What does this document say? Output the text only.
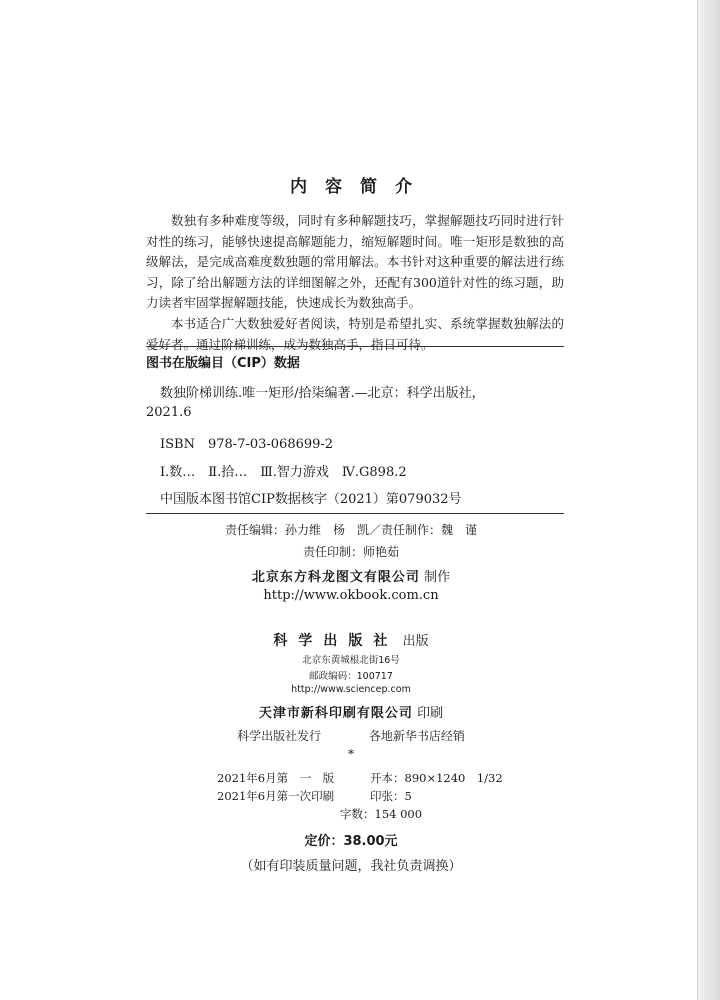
内容简介

数独有多种难度等级，同时有多种解题技巧，掌握解题技巧同时进行针对性的练习，能够快速提高解题能力，缩短解题时间。唯一矩形是数独的高级解法，是完成高难度数独题的常用解法。本书针对这种重要的解法进行练习，除了给出解题方法的详细图解之外，还配有300道针对性的练习题，助力读者牢固掌握解题技能，快速成长为数独高手。

本书适合广大数独爱好者阅读，特别是希望扎实、系统掌握数独解法的爱好者。通过阶梯训练，成为数独高手，指日可待。

图书在版编目（CIP）数据
数独阶梯训练.唯一矩形/拾柒编著.—北京：科学出版社，
2021.6
ISBN　978-7-03-068699-2
Ⅰ.数…　Ⅱ.拾…　Ⅲ.智力游戏　Ⅳ.G898.2
中国版本图书馆CIP数据核字（2021）第079032号
责任编辑：孙力维　杨　凯／责任制作：魏　谨
责任印制：师艳茹
北京东方科龙图文有限公司 制作
http://www.okbook.com.cn
科学出版社 出版
北京东黄城根北街16号
邮政编码：100717
http://www.sciencep.com
天津市新科印刷有限公司 印刷
科学出版社发行	各地新华书店经销
*
2021年6月第　一　版	开本：890×1240　1/32
2021年6月第一次印刷	印张：5
字数：154 000
定价：38.00元
（如有印装质量问题，我社负责调换）
